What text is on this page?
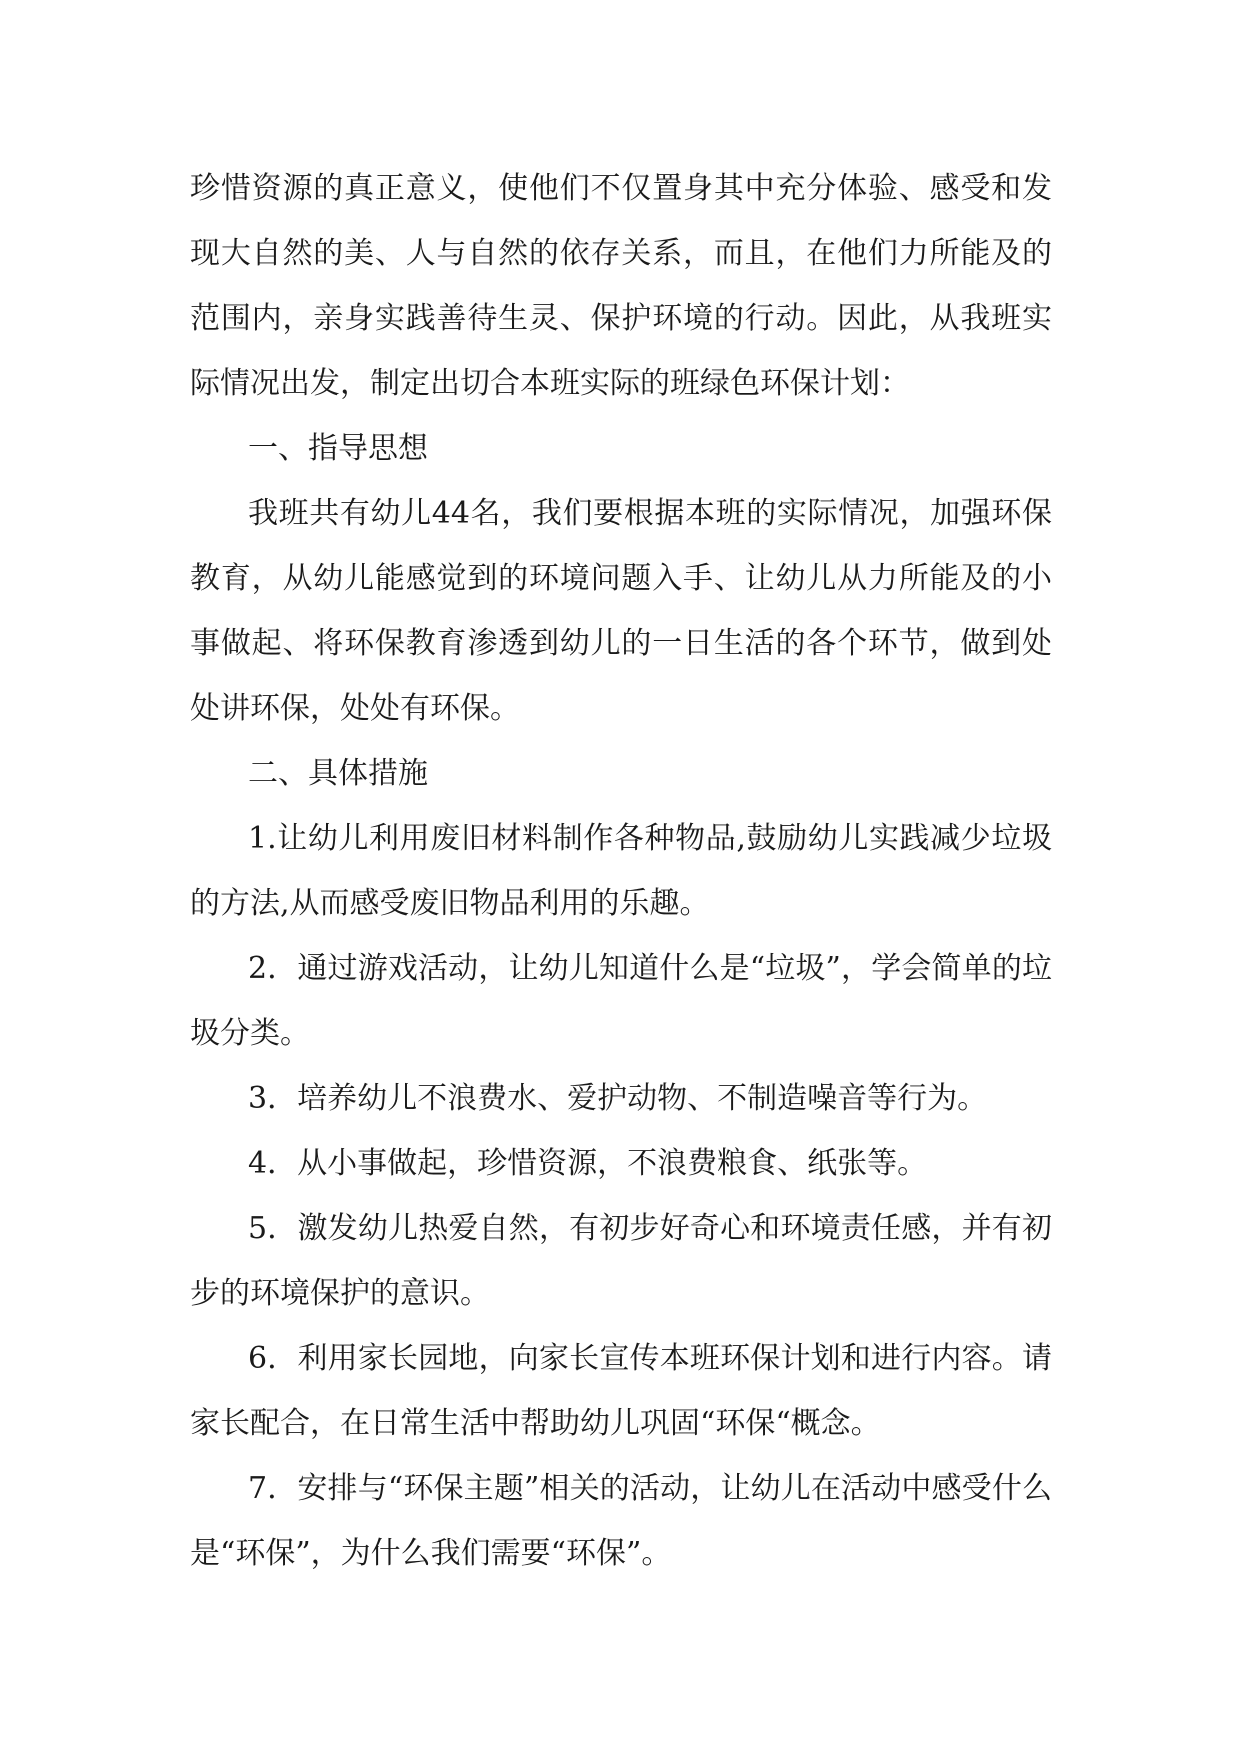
珍惜资源的真正意义，使他们不仅置身其中充分体验、感受和发现大自然的美、人与自然的依存关系，而且，在他们力所能及的范围内，亲身实践善待生灵、保护环境的行动。因此，从我班实际情况出发，制定出切合本班实际的班绿色环保计划：

一、指导思想

我班共有幼儿44名，我们要根据本班的实际情况，加强环保教育，从幼儿能感觉到的环境问题入手、让幼儿从力所能及的小事做起、将环保教育渗透到幼儿的一日生活的各个环节，做到处处讲环保，处处有环保。

二、具体措施

1.让幼儿利用废旧材料制作各种物品,鼓励幼儿实践减少垃圾的方法,从而感受废旧物品利用的乐趣。

2．通过游戏活动，让幼儿知道什么是“垃圾”，学会简单的垃圾分类。

3．培养幼儿不浪费水、爱护动物、不制造噪音等行为。

4．从小事做起，珍惜资源，不浪费粮食、纸张等。

5．激发幼儿热爱自然，有初步好奇心和环境责任感，并有初步的环境保护的意识。

6．利用家长园地，向家长宣传本班环保计划和进行内容。请家长配合，在日常生活中帮助幼儿巩固“环保“概念。

7．安排与“环保主题”相关的活动，让幼儿在活动中感受什么是“环保”，为什么我们需要“环保”。
